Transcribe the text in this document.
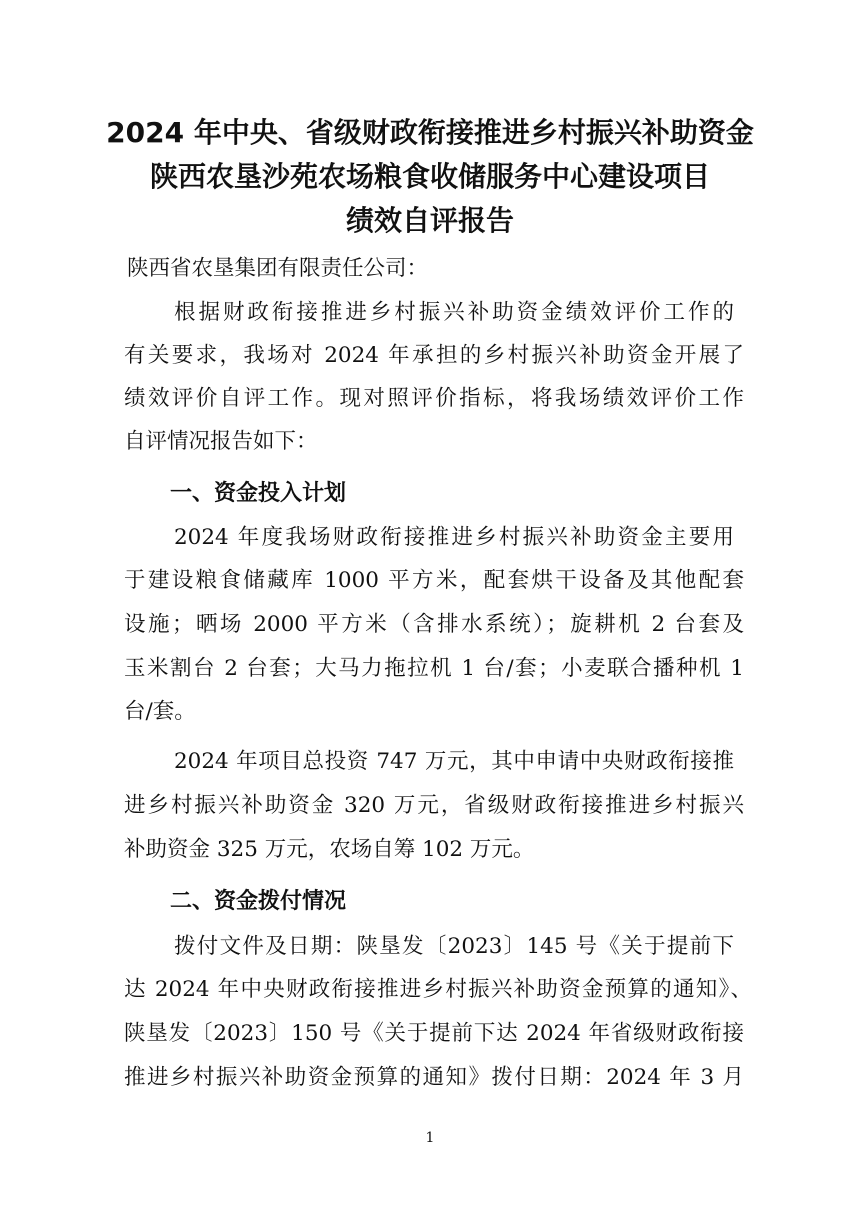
2024 年中央、省级财政衔接推进乡村振兴补助资金
陕西农垦沙苑农场粮食收储服务中心建设项目
绩效自评报告
陕西省农垦集团有限责任公司：
根据财政衔接推进乡村振兴补助资金绩效评价工作的
有关要求，我场对 2024 年承担的乡村振兴补助资金开展了
绩效评价自评工作。现对照评价指标，将我场绩效评价工作
自评情况报告如下：
一、资金投入计划
2024 年度我场财政衔接推进乡村振兴补助资金主要用
于建设粮食储藏库 1000 平方米，配套烘干设备及其他配套
设施；晒场 2000 平方米（含排水系统）；旋耕机 2 台套及
玉米割台 2 台套；大马力拖拉机 1 台/套；小麦联合播种机 1
台/套。
2024 年项目总投资 747 万元，其中申请中央财政衔接推
进乡村振兴补助资金 320 万元，省级财政衔接推进乡村振兴
补助资金 325 万元，农场自筹 102 万元。
二、资金拨付情况
拨付文件及日期：陕垦发〔2023〕145 号《关于提前下
达 2024 年中央财政衔接推进乡村振兴补助资金预算的通知》、
陕垦发〔2023〕150 号《关于提前下达 2024 年省级财政衔接
推进乡村振兴补助资金预算的通知》拨付日期：2024 年 3 月
1
